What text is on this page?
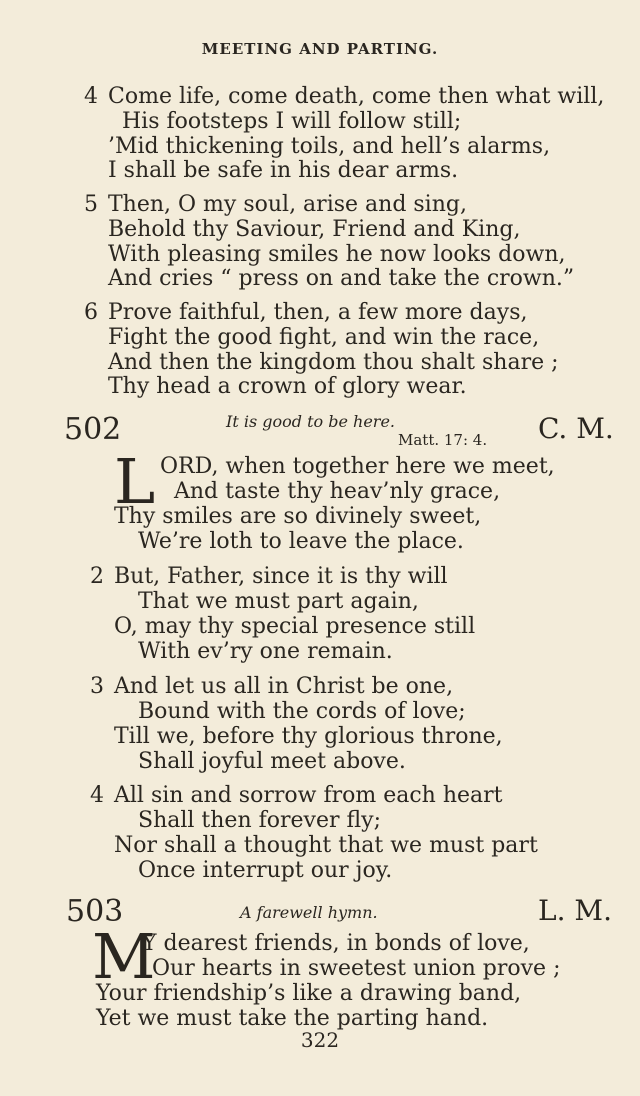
MEETING AND PARTING.
4 Come life, come death, come then what will,
His footsteps I will follow still;
’Mid thickening toils, and hell’s alarms,
I shall be safe in his dear arms.
5 Then, O my soul, arise and sing,
Behold thy Saviour, Friend and King,
With pleasing smiles he now looks down,
And cries “ press on and take the crown.”
6 Prove faithful, then, a few more days,
Fight the good fight, and win the race,
And then the kingdom thou shalt share ;
Thy head a crown of glory wear.
502	It is good to be here.
Matt. 17: 4. C. M.
L ORD, when together here we meet,
And taste thy heav’nly grace,
Thy smiles are so divinely sweet,
We’re loth to leave the place.
2 But, Father, since it is thy will
That we must part again,
O, may thy special presence still
With ev’ry one remain.
3 And let us all in Christ be one,
Bound with the cords of love;
Till we, before thy glorious throne,
Shall joyful meet above.
4 All sin and sorrow from each heart
Shall then forever fly;
Nor shall a thought that we must part
Once interrupt our joy.
503	A farewell hymn.	L. M.
M
Y dearest friends, in bonds of love,
Our hearts in sweetest union prove ;
Your friendship’s like a drawing band,
Yet we must take the parting hand.
322
